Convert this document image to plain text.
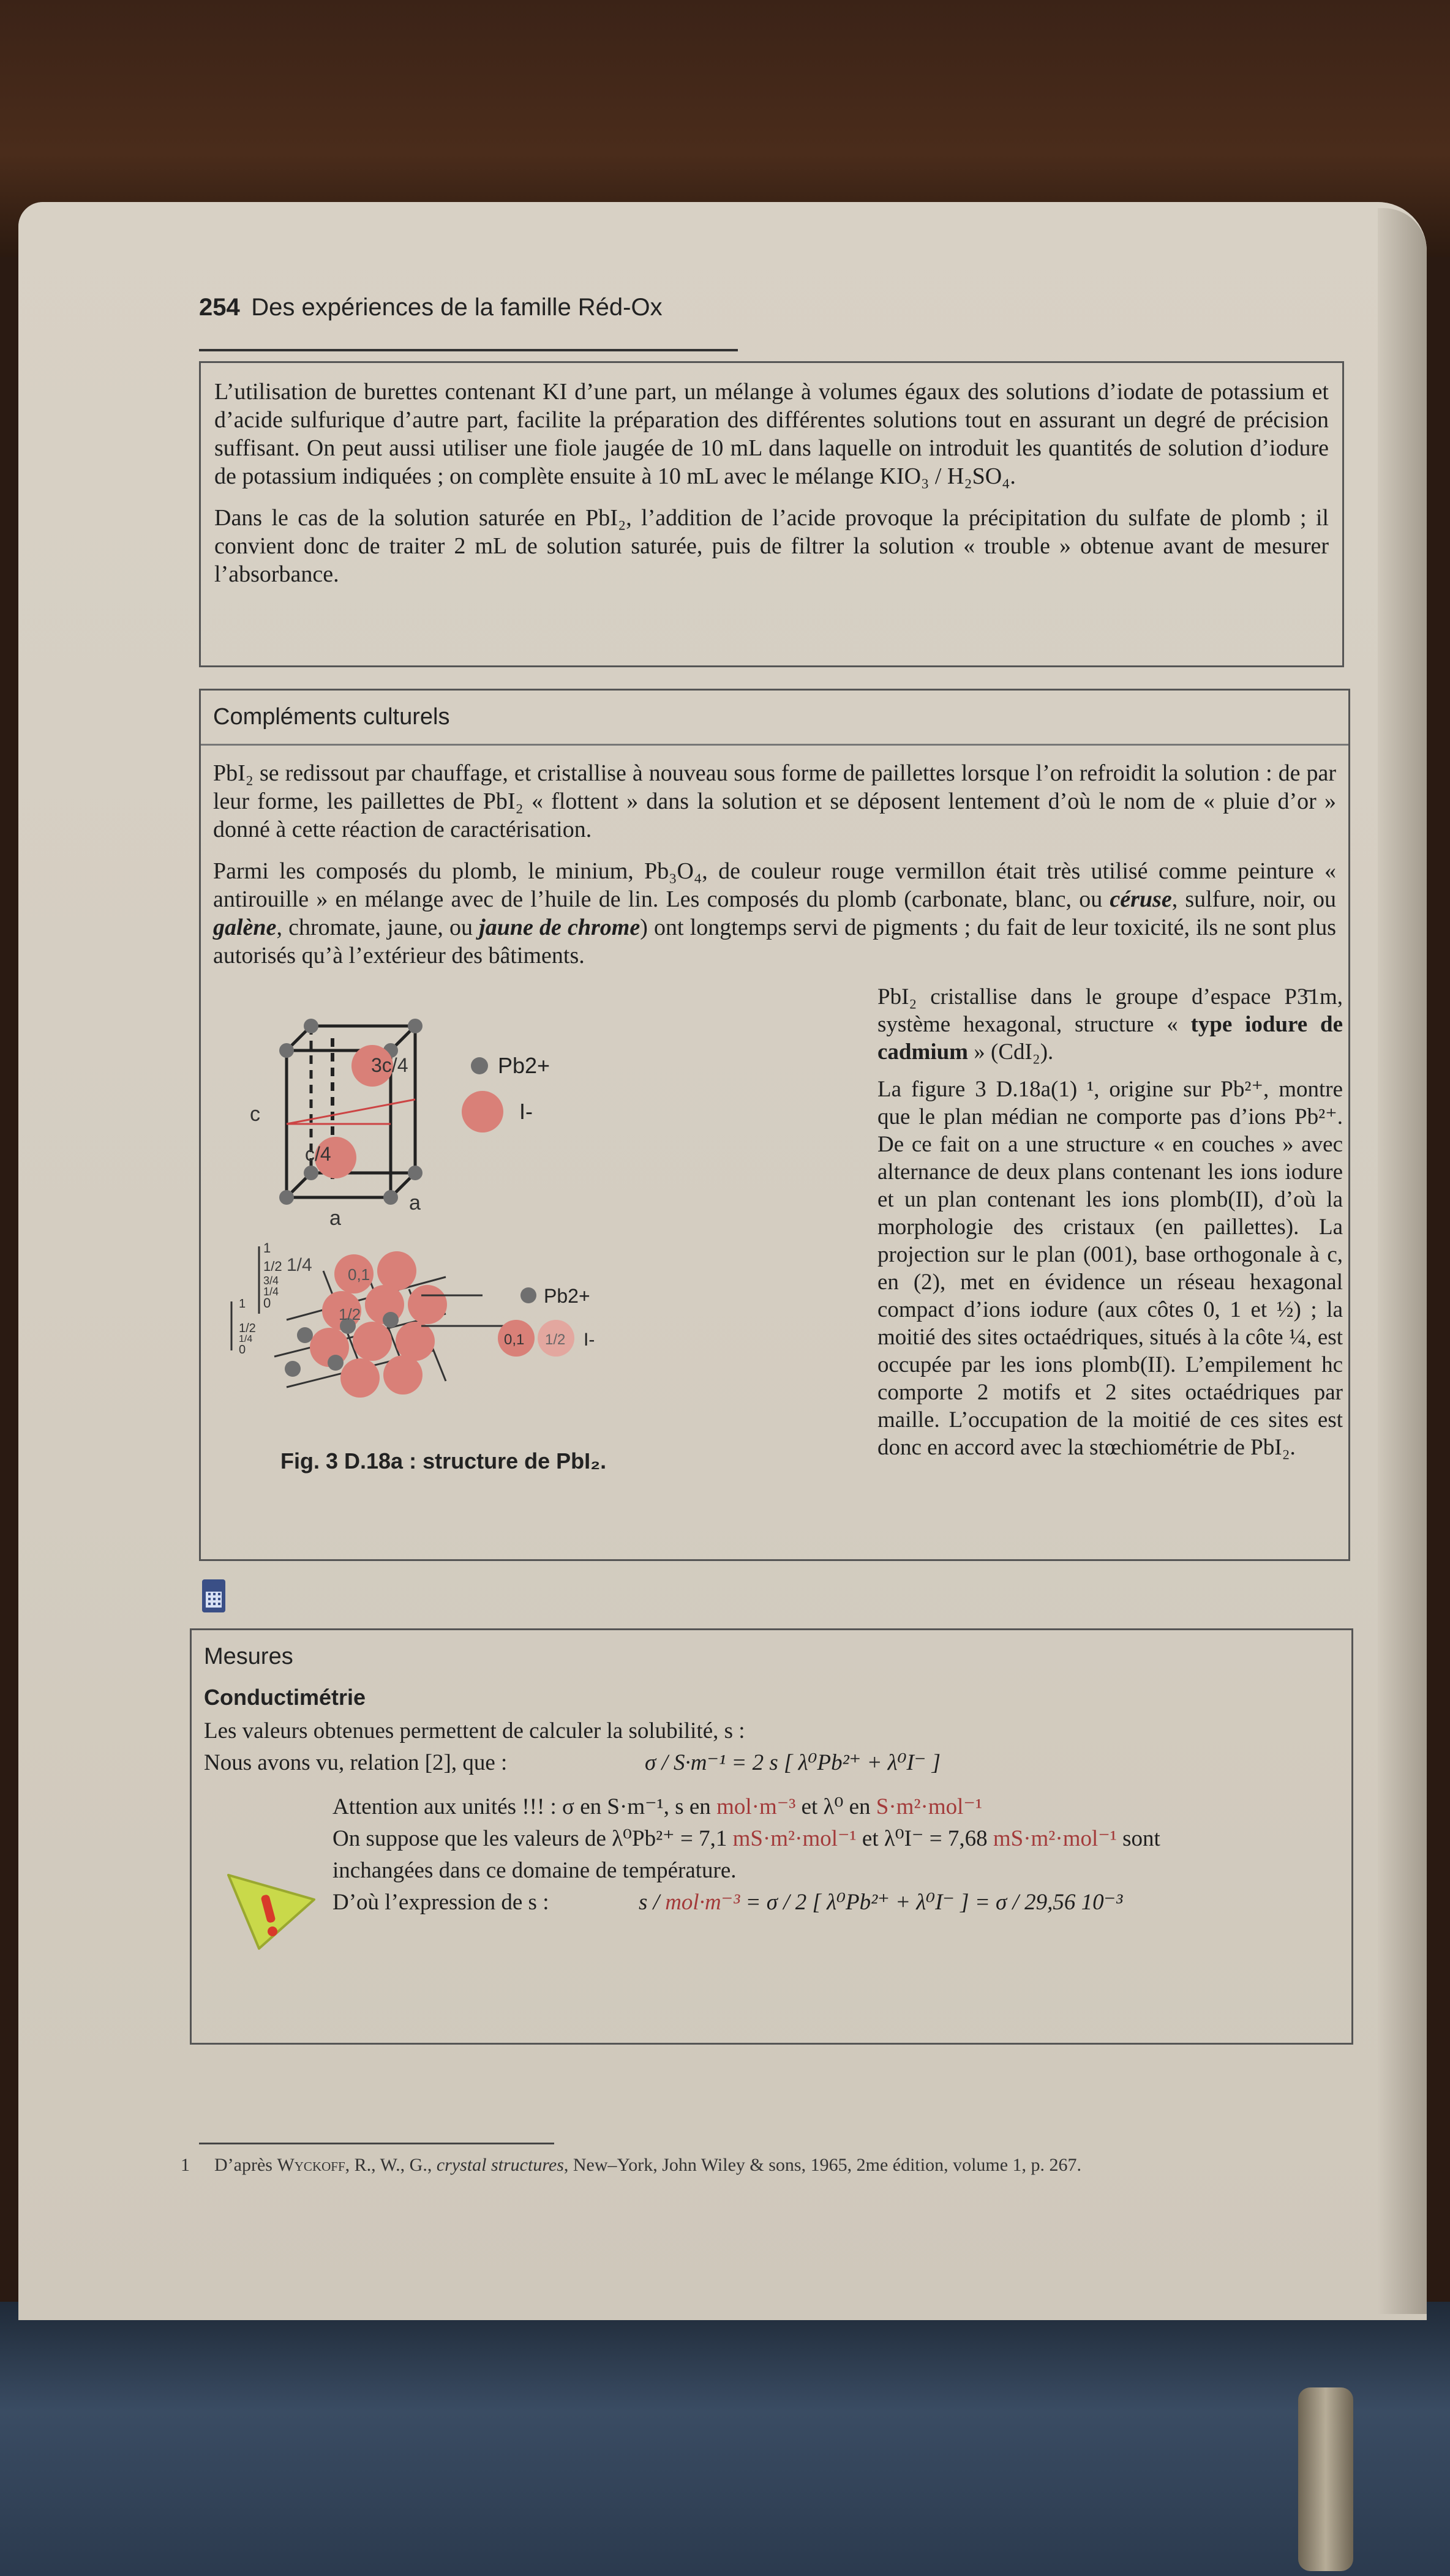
254 Des expériences de la famille Réd-Ox

L’utilisation de burettes contenant KI d’une part, un mélange à volumes égaux des solutions d’iodate de potassium et d’acide sulfurique d’autre part, facilite la préparation des différentes solutions tout en assurant un degré de précision suffisant. On peut aussi utiliser une fiole jaugée de 10 mL dans laquelle on introduit les quantités de solution d’iodure de potassium indiquées ; on complète ensuite à 10 mL avec le mélange KIO₃ / H₂SO₄.

Dans le cas de la solution saturée en PbI₂, l’addition de l’acide provoque la précipitation du sulfate de plomb ; il convient donc de traiter 2 mL de solution saturée, puis de filtrer la solution « trouble » obtenue avant de mesurer l’absorbance.

Compléments culturels

PbI₂ se redissout par chauffage, et cristallise à nouveau sous forme de paillettes lorsque l’on refroidit la solution : de par leur forme, les paillettes de PbI₂ « flottent » dans la solution et se déposent lentement d’où le nom de « pluie d’or » donné à cette réaction de caractérisation.

Parmi les composés du plomb, le minium, Pb₃O₄, de couleur rouge vermillon était très utilisé comme peinture « antirouille » en mélange avec de l’huile de lin. Les composés du plomb (carbonate, blanc, ou céruse, sulfure, noir, ou galène, chromate, jaune, ou jaune de chrome) ont longtemps servi de pigments ; du fait de leur toxicité, ils ne sont plus autorisés qu’à l’extérieur des bâtiments.

3c/4
c/4
c
a
a
Pb2+
I-
1
1/2
3/4
1/4
0
1
1/2
1/4
0
1/4 0,1
1/2
Pb2+
0,1 1/2 I-
Fig. 3 D.18a : structure de PbI₂.

PbI₂ cristallise dans le groupe d’espace P3̄1m, système hexagonal, structure « type iodure de cadmium » (CdI₂).

La figure 3 D.18a(1) ¹, origine sur Pb²⁺, montre que le plan médian ne comporte pas d’ions Pb²⁺. De ce fait on a une structure « en couches » avec alternance de deux plans contenant les ions iodure et un plan contenant les ions plomb(II), d’où la morphologie des cristaux (en paillettes). La projection sur le plan (001), base orthogonale à c, en (2), met en évidence un réseau hexagonal compact d’ions iodure (aux côtes 0, 1 et ½) ; la moitié des sites octaédriques, situés à la côte ¼, est occupée par les ions plomb(II). L’empilement hc comporte 2 motifs et 2 sites octaédriques par maille. L’occupation de la moitié de ces sites est donc en accord avec la stœchiométrie de PbI₂.

Mesures
Conductimétrie
Les valeurs obtenues permettent de calculer la solubilité, s :
Nous avons vu, relation [2], que :	σ / S·m⁻¹ = 2 s [ λ⁰Pb²⁺ + λ⁰I⁻ ]
Attention aux unités !!! : σ en S·m⁻¹, s en mol·m⁻³ et λ⁰ en S·m²·mol⁻¹
On suppose que les valeurs de λ⁰Pb²⁺ = 7,1 mS·m²·mol⁻¹ et λ⁰I⁻ = 7,68 mS·m²·mol⁻¹ sont
inchangées dans ce domaine de température.
D’où l’expression de s :	s / mol·m⁻³ = σ / 2 [ λ⁰Pb²⁺ + λ⁰I⁻ ] = σ / 29,56 10⁻³
1 D’après Wyckoff, R., W., G., crystal structures, New–York, John Wiley & sons, 1965, 2me édition, volume 1, p. 267.
